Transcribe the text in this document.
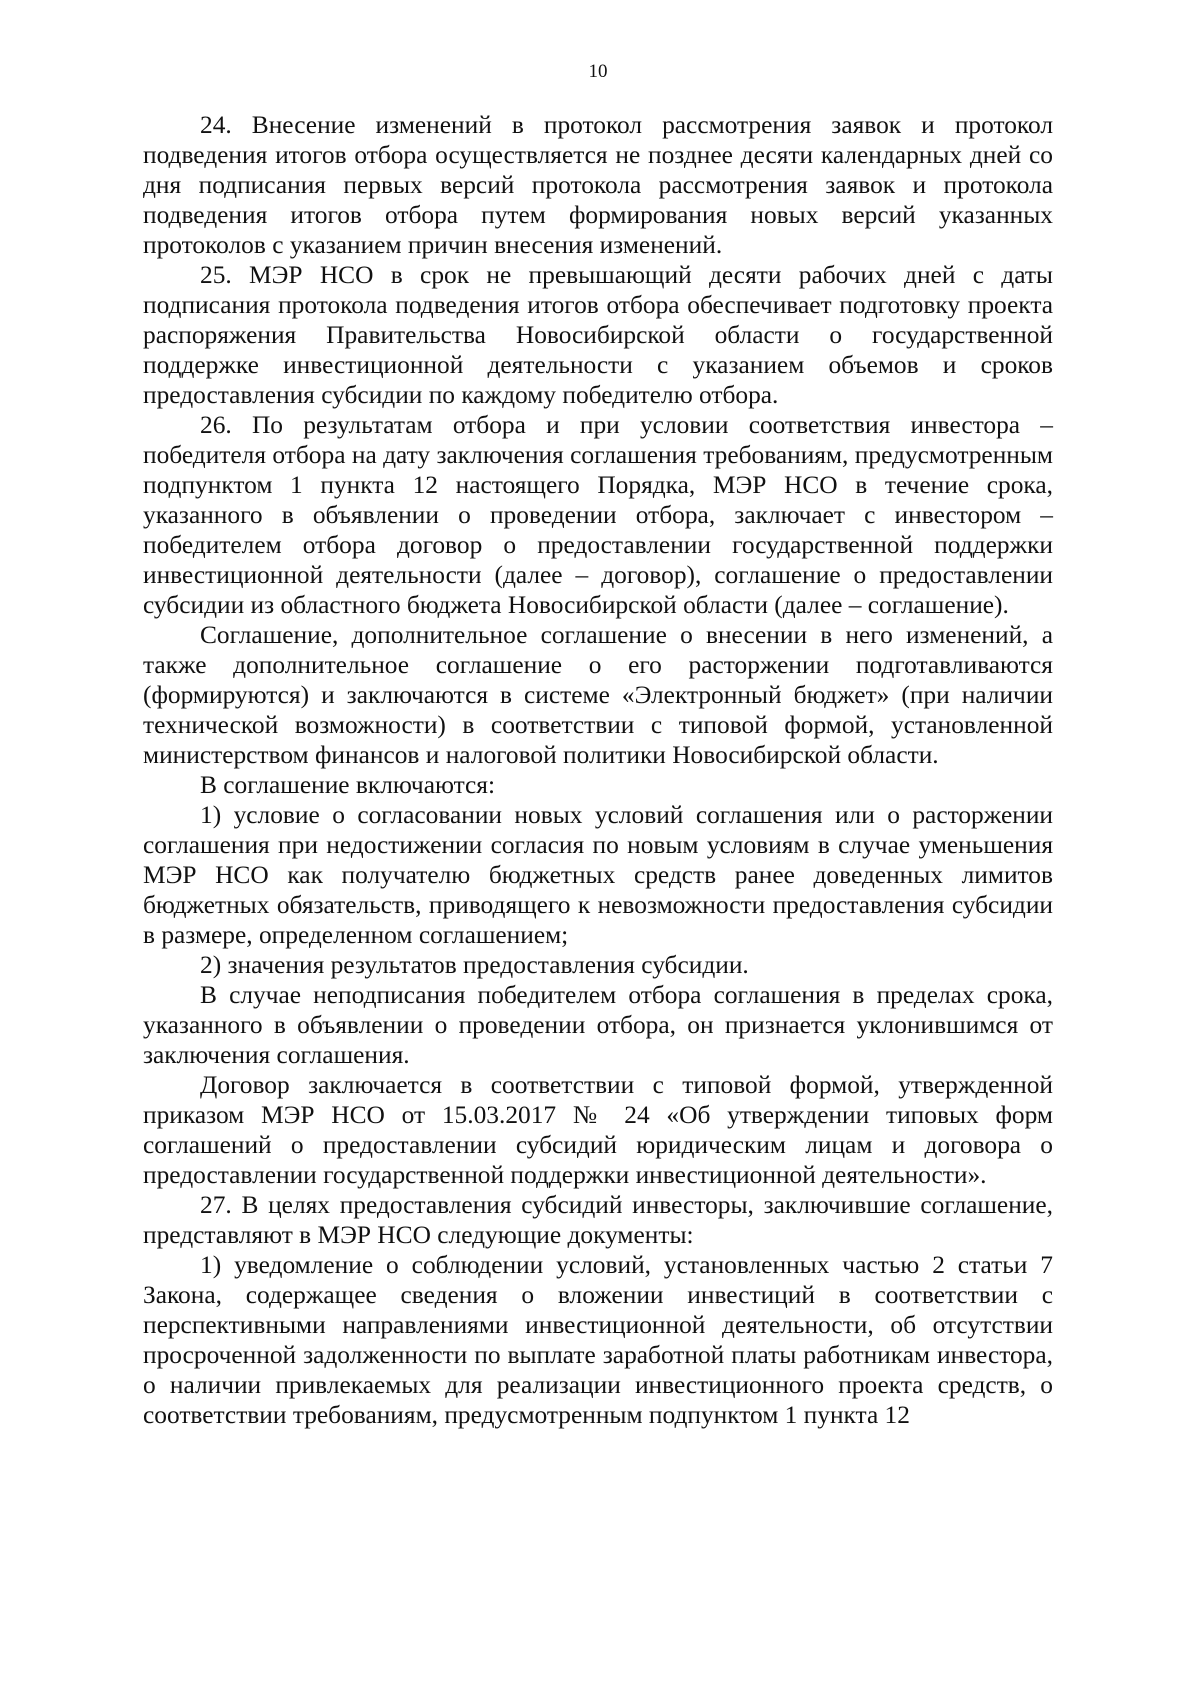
10

24. Внесение изменений в протокол рассмотрения заявок и протокол подведения итогов отбора осуществляется не позднее десяти календарных дней со дня подписания первых версий протокола рассмотрения заявок и протокола подведения итогов отбора путем формирования новых версий указанных протоколов с указанием причин внесения изменений.

25. МЭР НСО в срок не превышающий десяти рабочих дней с даты подписания протокола подведения итогов отбора обеспечивает подготовку проекта распоряжения Правительства Новосибирской области о государственной поддержке инвестиционной деятельности с указанием объемов и сроков предоставления субсидии по каждому победителю отбора.

26. По результатам отбора и при условии соответствия инвестора – победителя отбора на дату заключения соглашения требованиям, предусмотренным подпунктом 1 пункта 12 настоящего Порядка, МЭР НСО в течение срока, указанного в объявлении о проведении отбора, заключает с инвестором – победителем отбора договор о предоставлении государственной поддержки инвестиционной деятельности (далее – договор), соглашение о предоставлении субсидии из областного бюджета Новосибирской области (далее – соглашение).

Соглашение, дополнительное соглашение о внесении в него изменений, а также дополнительное соглашение о его расторжении подготавливаются (формируются) и заключаются в системе «Электронный бюджет» (при наличии технической возможности) в соответствии с типовой формой, установленной министерством финансов и налоговой политики Новосибирской области.

В соглашение включаются:

1) условие о согласовании новых условий соглашения или о расторжении соглашения при недостижении согласия по новым условиям в случае уменьшения МЭР НСО как получателю бюджетных средств ранее доведенных лимитов бюджетных обязательств, приводящего к невозможности предоставления субсидии в размере, определенном соглашением;

2) значения результатов предоставления субсидии.

В случае неподписания победителем отбора соглашения в пределах срока, указанного в объявлении о проведении отбора, он признается уклонившимся от заключения соглашения.

Договор заключается в соответствии с типовой формой, утвержденной приказом МЭР НСО от 15.03.2017 № 24 «Об утверждении типовых форм соглашений о предоставлении субсидий юридическим лицам и договора о предоставлении государственной поддержки инвестиционной деятельности».

27. В целях предоставления субсидий инвесторы, заключившие соглашение, представляют в МЭР НСО следующие документы:

1) уведомление о соблюдении условий, установленных частью 2 статьи 7 Закона, содержащее сведения о вложении инвестиций в соответствии с перспективными направлениями инвестиционной деятельности, об отсутствии просроченной задолженности по выплате заработной платы работникам инвестора, о наличии привлекаемых для реализации инвестиционного проекта средств, о соответствии требованиям, предусмотренным подпунктом 1 пункта 12
